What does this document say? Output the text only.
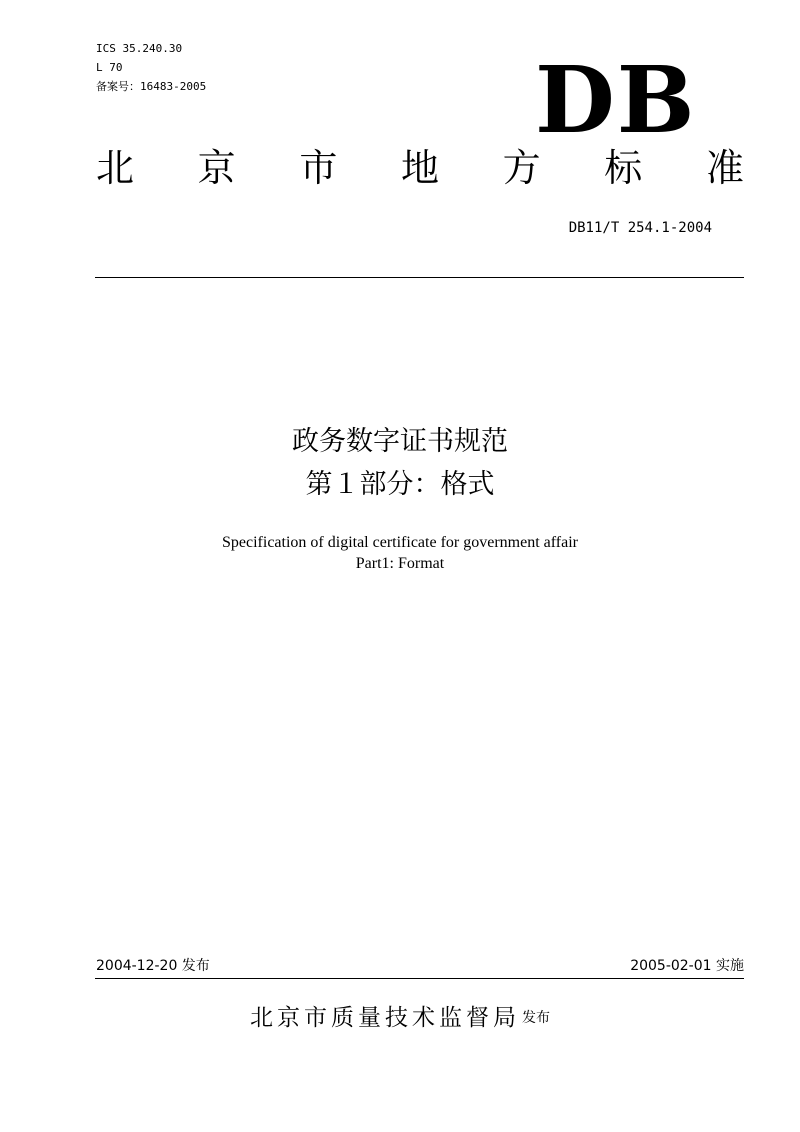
ICS 35.240.30
L 70
备案号：16483-2005	DB
北 京 市 地 方 标 准
DB11/T 254.1-2004
政务数字证书规范
第１部分：格式
Specification of digital certificate for government affair
Part1: Format
2004-12-20 发布	2005-02-01 实施
北京市质量技术监督局 发布
